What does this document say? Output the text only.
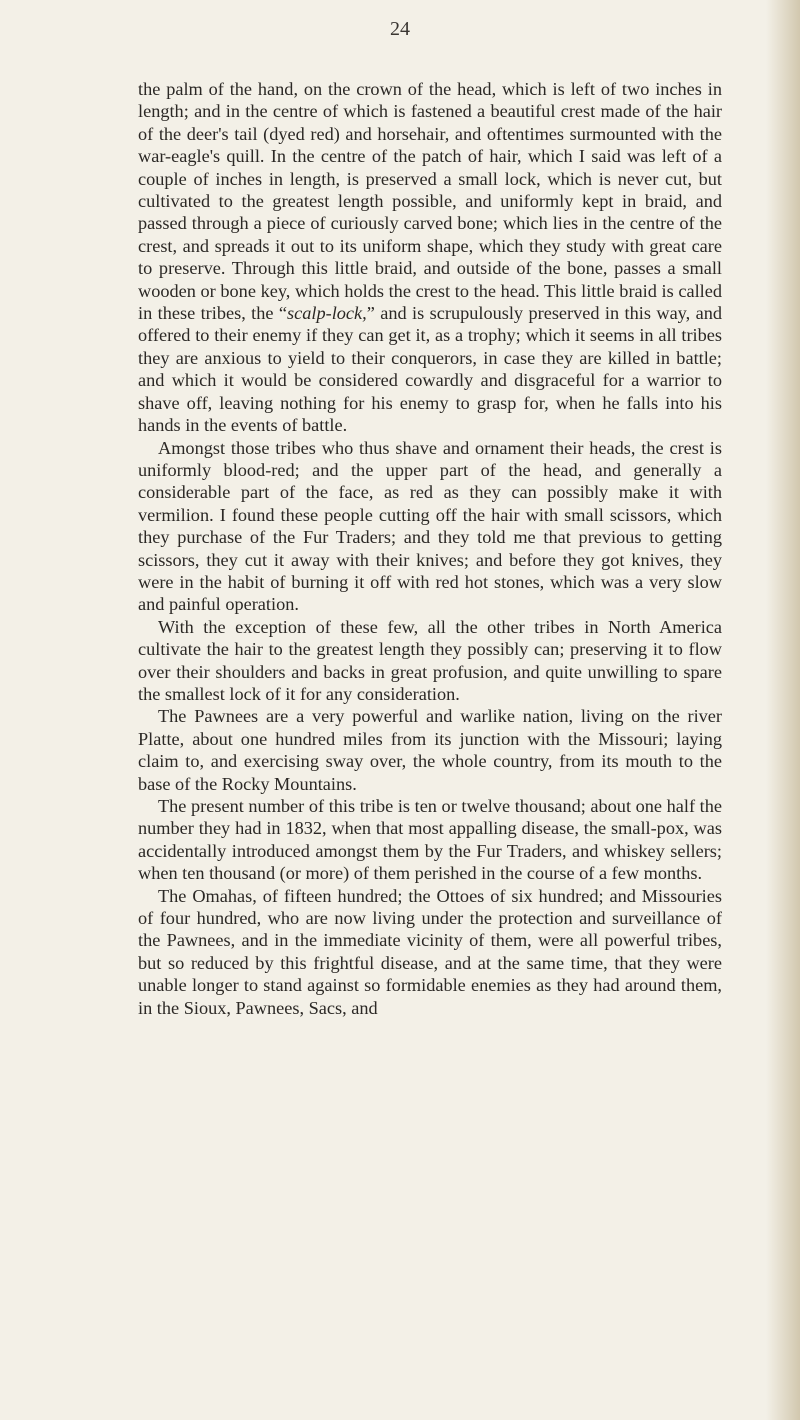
24

the palm of the hand, on the crown of the head, which is left of two inches in length; and in the centre of which is fastened a beautiful crest made of the hair of the deer's tail (dyed red) and horsehair, and oftentimes surmounted with the war-eagle's quill. In the centre of the patch of hair, which I said was left of a couple of inches in length, is preserved a small lock, which is never cut, but cultivated to the greatest length possible, and uniformly kept in braid, and passed through a piece of curiously carved bone; which lies in the centre of the crest, and spreads it out to its uniform shape, which they study with great care to preserve. Through this little braid, and outside of the bone, passes a small wooden or bone key, which holds the crest to the head. This little braid is called in these tribes, the “scalp-lock,” and is scrupulously preserved in this way, and offered to their enemy if they can get it, as a trophy; which it seems in all tribes they are anxious to yield to their conquerors, in case they are killed in battle; and which it would be considered cowardly and disgraceful for a warrior to shave off, leaving nothing for his enemy to grasp for, when he falls into his hands in the events of battle.

Amongst those tribes who thus shave and ornament their heads, the crest is uniformly blood-red; and the upper part of the head, and generally a considerable part of the face, as red as they can possibly make it with vermilion. I found these people cutting off the hair with small scissors, which they purchase of the Fur Traders; and they told me that previous to getting scissors, they cut it away with their knives; and before they got knives, they were in the habit of burning it off with red hot stones, which was a very slow and painful operation.

With the exception of these few, all the other tribes in North America cultivate the hair to the greatest length they possibly can; preserving it to flow over their shoulders and backs in great profusion, and quite unwilling to spare the smallest lock of it for any consideration.

The Pawnees are a very powerful and warlike nation, living on the river Platte, about one hundred miles from its junction with the Missouri; laying claim to, and exercising sway over, the whole country, from its mouth to the base of the Rocky Mountains.

The present number of this tribe is ten or twelve thousand; about one half the number they had in 1832, when that most appalling disease, the small-pox, was accidentally introduced amongst them by the Fur Traders, and whiskey sellers; when ten thousand (or more) of them perished in the course of a few months.

The Omahas, of fifteen hundred; the Ottoes of six hundred; and Missouries of four hundred, who are now living under the protection and surveillance of the Pawnees, and in the immediate vicinity of them, were all powerful tribes, but so reduced by this frightful disease, and at the same time, that they were unable longer to stand against so formidable enemies as they had around them, in the Sioux, Pawnees, Sacs, and
